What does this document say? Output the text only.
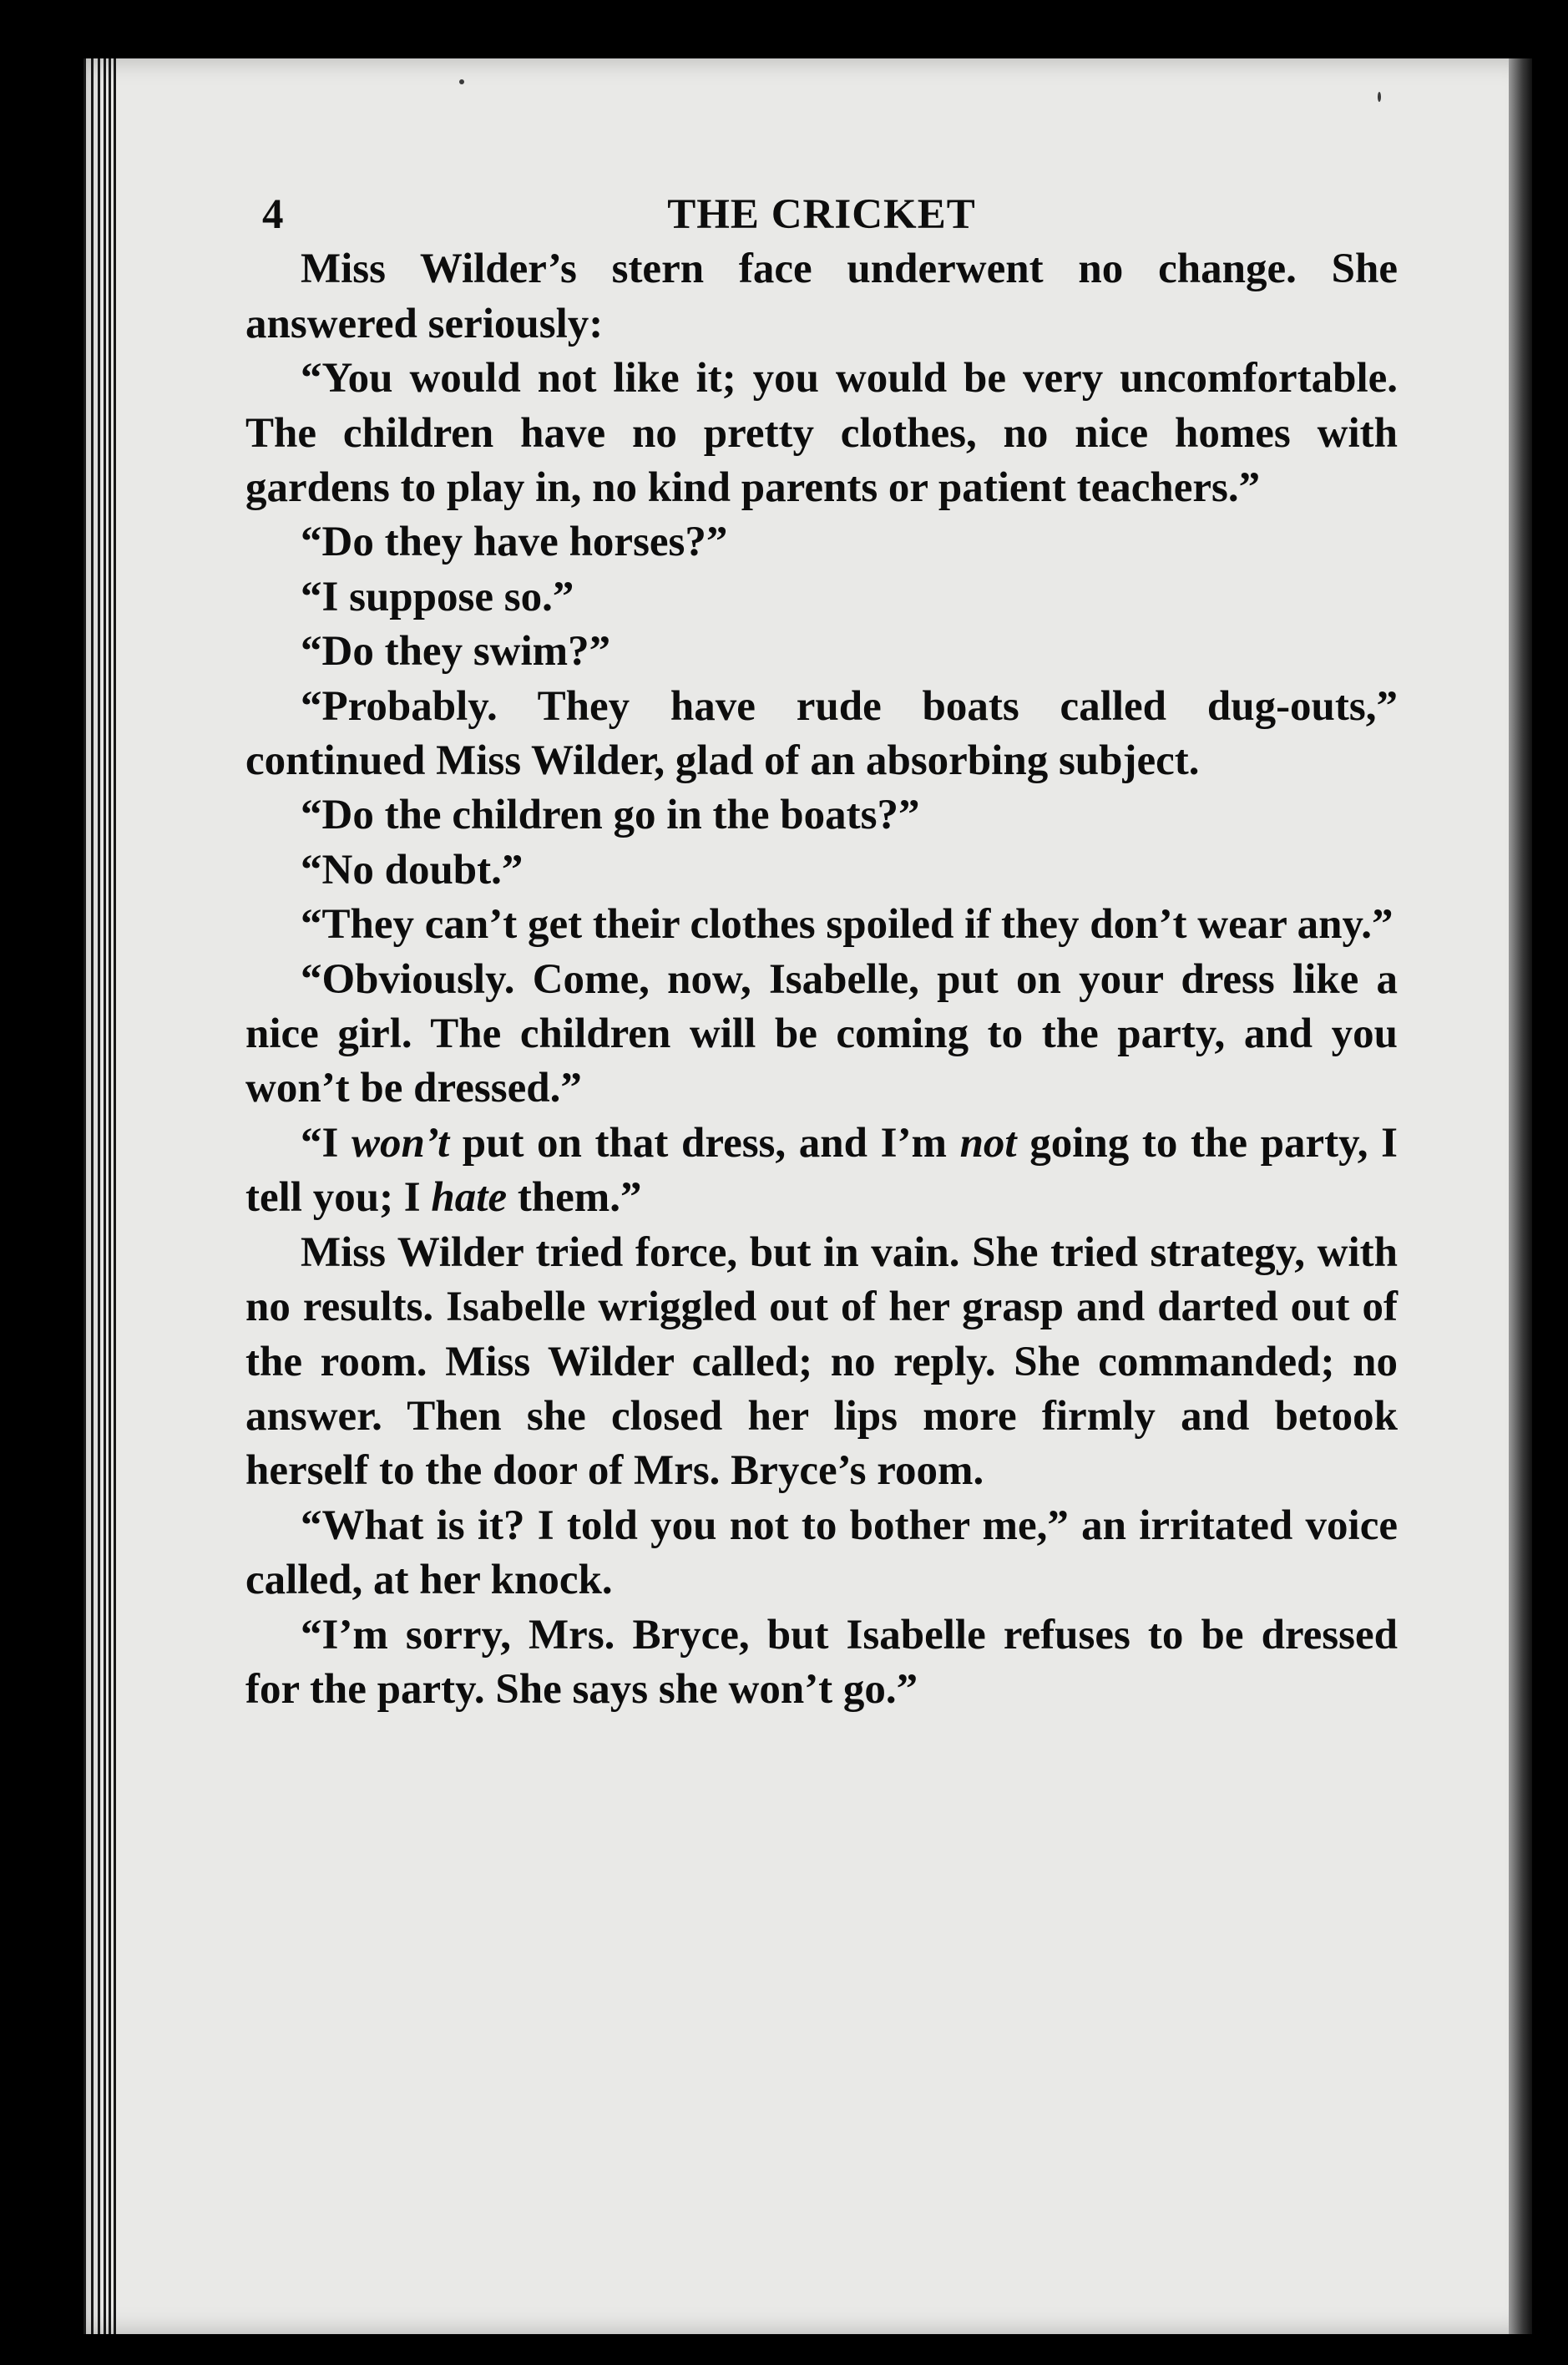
4	THE CRICKET

Miss Wilder’s stern face underwent no change. She answered seriously:

“You would not like it; you would be very uncomfortable. The children have no pretty clothes, no nice homes with gardens to play in, no kind parents or patient teachers.”

“Do they have horses?”

“I suppose so.”

“Do they swim?”

“Probably. They have rude boats called dug-outs,” continued Miss Wilder, glad of an absorbing subject.

“Do the children go in the boats?”

“No doubt.”

“They can’t get their clothes spoiled if they don’t wear any.”

“Obviously. Come, now, Isabelle, put on your dress like a nice girl. The children will be coming to the party, and you won’t be dressed.”

“I won’t put on that dress, and I’m not going to the party, I tell you; I hate them.”

Miss Wilder tried force, but in vain. She tried strategy, with no results. Isabelle wriggled out of her grasp and darted out of the room. Miss Wilder called; no reply. She commanded; no answer. Then she closed her lips more firmly and betook herself to the door of Mrs. Bryce’s room.

“What is it? I told you not to bother me,” an irritated voice called, at her knock.

“I’m sorry, Mrs. Bryce, but Isabelle refuses to be dressed for the party. She says she won’t go.”
